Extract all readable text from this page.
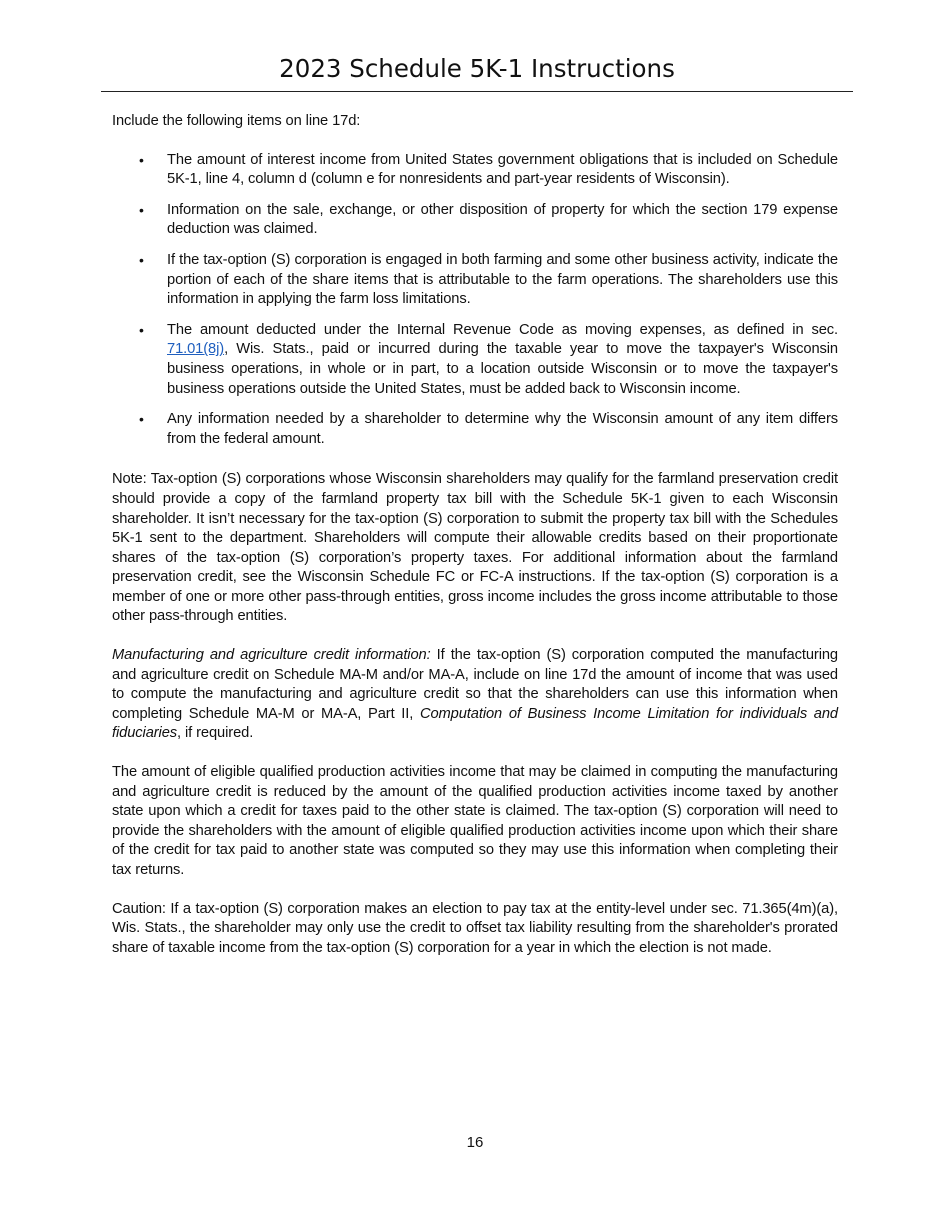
2023 Schedule 5K-1 Instructions

Include the following items on line 17d:

• The amount of interest income from United States government obligations that is included on Schedule 5K-1, line 4, column d (column e for nonresidents and part-year residents of Wisconsin).
• Information on the sale, exchange, or other disposition of property for which the section 179 expense deduction was claimed.
• If the tax-option (S) corporation is engaged in both farming and some other business activity, indicate the portion of each of the share items that is attributable to the farm operations. The shareholders use this information in applying the farm loss limitations.
• The amount deducted under the Internal Revenue Code as moving expenses, as defined in sec. 71.01(8j), Wis. Stats., paid or incurred during the taxable year to move the taxpayer's Wisconsin business operations, in whole or in part, to a location outside Wisconsin or to move the taxpayer's business operations outside the United States, must be added back to Wisconsin income.
• Any information needed by a shareholder to determine why the Wisconsin amount of any item differs from the federal amount.

Note: Tax-option (S) corporations whose Wisconsin shareholders may qualify for the farmland preservation credit should provide a copy of the farmland property tax bill with the Schedule 5K-1 given to each Wisconsin shareholder. It isn’t necessary for the tax-option (S) corporation to submit the property tax bill with the Schedules 5K-1 sent to the department. Shareholders will compute their allowable credits based on their proportionate shares of the tax-option (S) corporation’s property taxes. For additional information about the farmland preservation credit, see the Wisconsin Schedule FC or FC-A instructions. If the tax-option (S) corporation is a member of one or more other pass-through entities, gross income includes the gross income attributable to those other pass-through entities.

Manufacturing and agriculture credit information: If the tax-option (S) corporation computed the manufacturing and agriculture credit on Schedule MA-M and/or MA-A, include on line 17d the amount of income that was used to compute the manufacturing and agriculture credit so that the shareholders can use this information when completing Schedule MA-M or MA-A, Part II, Computation of Business Income Limitation for individuals and fiduciaries, if required.

The amount of eligible qualified production activities income that may be claimed in computing the manufacturing and agriculture credit is reduced by the amount of the qualified production activities income taxed by another state upon which a credit for taxes paid to the other state is claimed. The tax-option (S) corporation will need to provide the shareholders with the amount of eligible qualified production activities income upon which their share of the credit for tax paid to another state was computed so they may use this information when completing their tax returns.

Caution: If a tax-option (S) corporation makes an election to pay tax at the entity-level under sec. 71.365(4m)(a), Wis. Stats., the shareholder may only use the credit to offset tax liability resulting from the shareholder's prorated share of taxable income from the tax-option (S) corporation for a year in which the election is not made.

16
